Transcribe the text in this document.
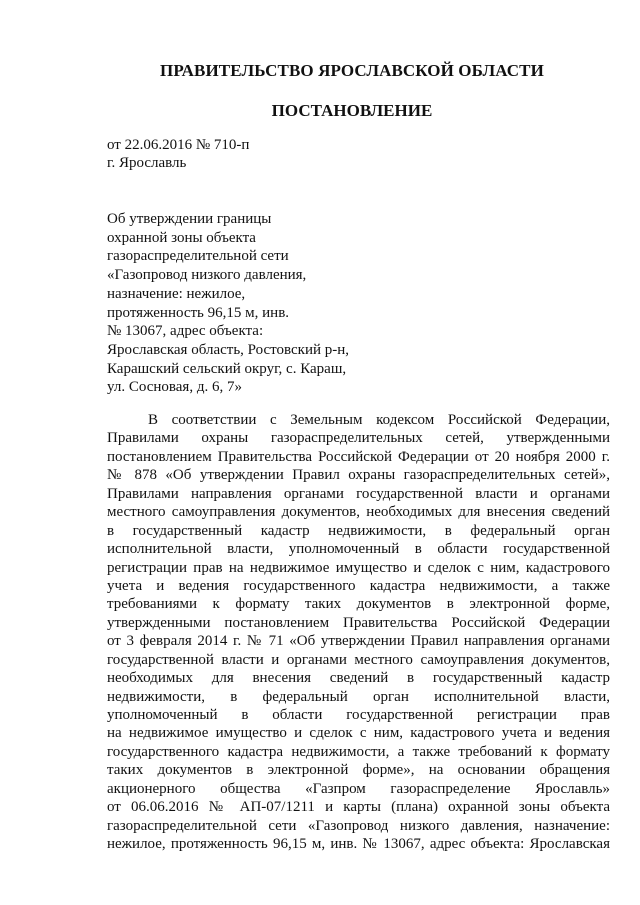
ПРАВИТЕЛЬСТВО ЯРОСЛАВСКОЙ ОБЛАСТИ
ПОСТАНОВЛЕНИЕ
от 22.06.2016 № 710-п
г. Ярославль
Об утверждении границы
охранной зоны объекта
газораспределительной сети
«Газопровод низкого давления,
назначение: нежилое,
протяженность 96,15 м, инв.
№ 13067, адрес объекта:
Ярославская область, Ростовский р-н,
Карашский сельский округ, с. Караш,
ул. Сосновая, д. 6, 7»
В соответствии с Земельным кодексом Российской Федерации,
Правилами охраны газораспределительных сетей, утвержденными
постановлением Правительства Российской Федерации от 20 ноября 2000 г.
№ 878 «Об утверждении Правил охраны газораспределительных сетей»,
Правилами направления органами государственной власти и органами
местного самоуправления документов, необходимых для внесения сведений
в государственный кадастр недвижимости, в федеральный орган
исполнительной власти, уполномоченный в области государственной
регистрации прав на недвижимое имущество и сделок с ним, кадастрового
учета и ведения государственного кадастра недвижимости, а также
требованиями к формату таких документов в электронной форме,
утвержденными постановлением Правительства Российской Федерации
от 3 февраля 2014 г. № 71 «Об утверждении Правил направления органами
государственной власти и органами местного самоуправления документов,
необходимых для внесения сведений в государственный кадастр
недвижимости, в федеральный орган исполнительной власти,
уполномоченный в области государственной регистрации прав
на недвижимое имущество и сделок с ним, кадастрового учета и ведения
государственного кадастра недвижимости, а также требований к формату
таких документов в электронной форме», на основании обращения
акционерного общества «Газпром газораспределение Ярославль»
от 06.06.2016 № АП-07/1211 и карты (плана) охранной зоны объекта
газораспределительной сети «Газопровод низкого давления, назначение:
нежилое, протяженность 96,15 м, инв. № 13067, адрес объекта: Ярославская
